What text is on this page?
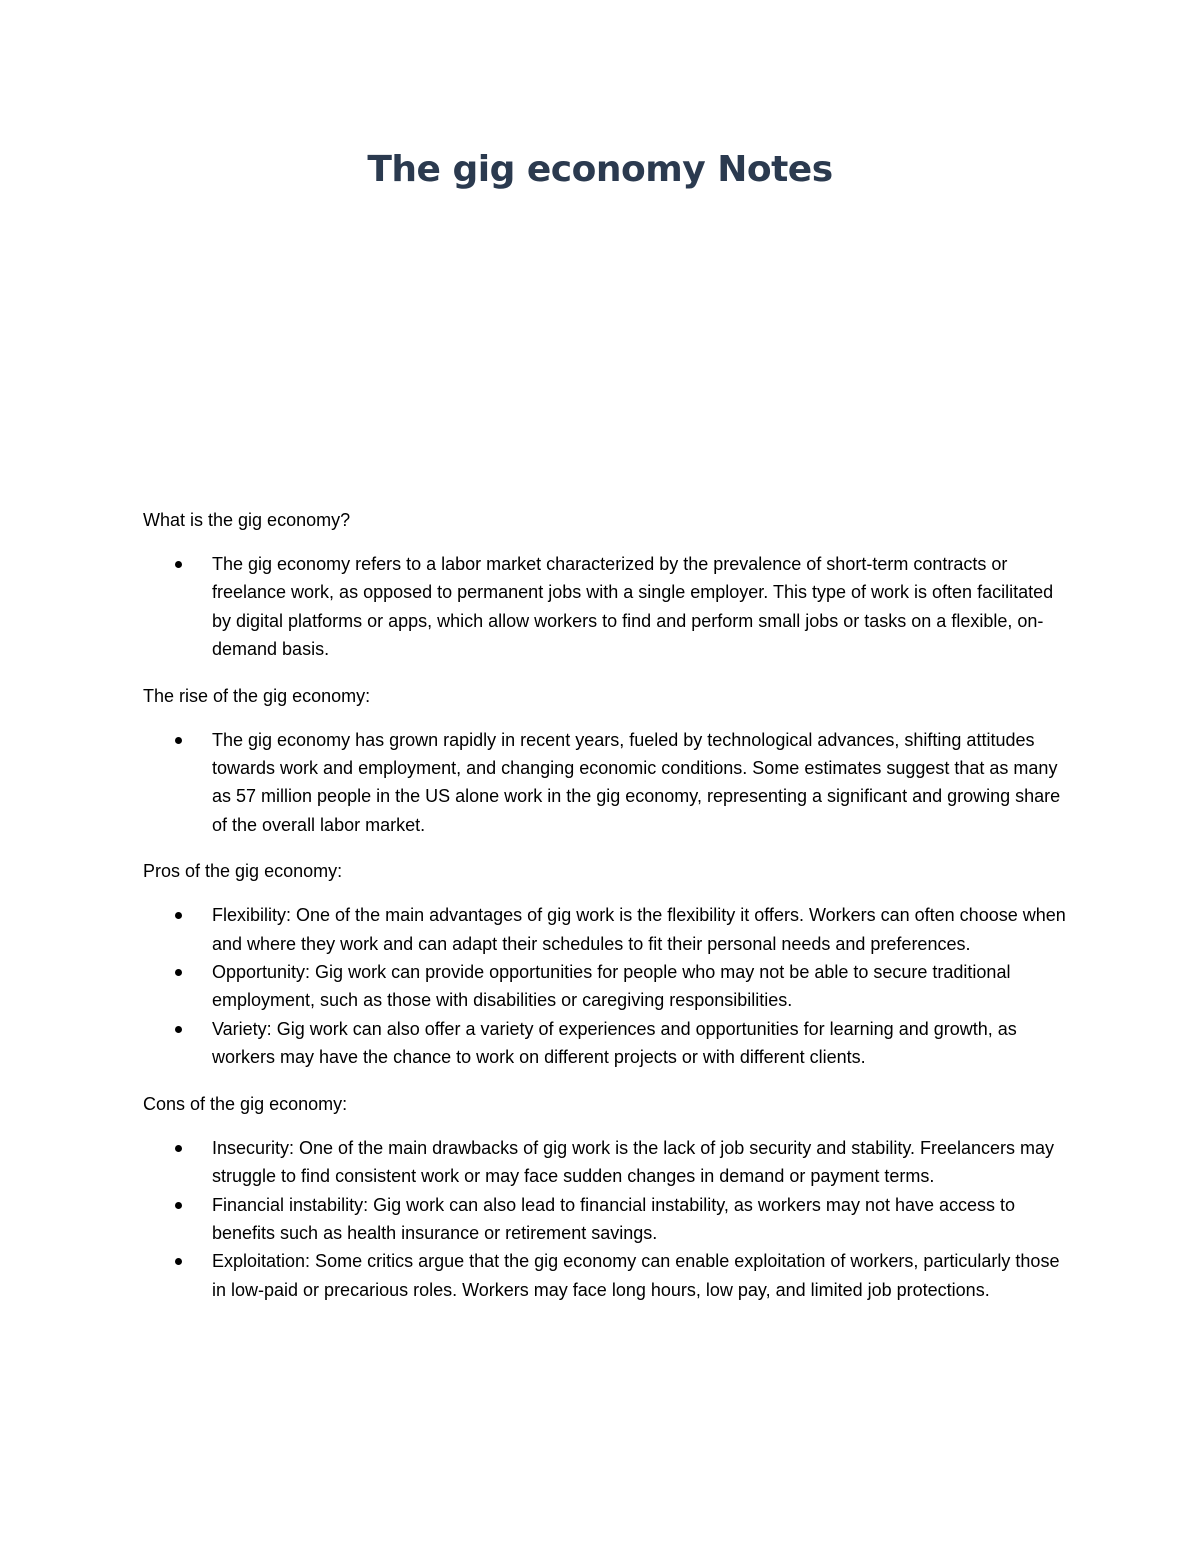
The gig economy Notes

What is the gig economy?

The gig economy refers to a labor market characterized by the prevalence of short-term contracts or freelance work, as opposed to permanent jobs with a single employer. This type of work is often facilitated by digital platforms or apps, which allow workers to find and perform small jobs or tasks on a flexible, on-demand basis.

The rise of the gig economy:

The gig economy has grown rapidly in recent years, fueled by technological advances, shifting attitudes towards work and employment, and changing economic conditions. Some estimates suggest that as many as 57 million people in the US alone work in the gig economy, representing a significant and growing share of the overall labor market.

Pros of the gig economy:

Flexibility: One of the main advantages of gig work is the flexibility it offers. Workers can often choose when and where they work and can adapt their schedules to fit their personal needs and preferences.
Opportunity: Gig work can provide opportunities for people who may not be able to secure traditional employment, such as those with disabilities or caregiving responsibilities.
Variety: Gig work can also offer a variety of experiences and opportunities for learning and growth, as workers may have the chance to work on different projects or with different clients.

Cons of the gig economy:

Insecurity: One of the main drawbacks of gig work is the lack of job security and stability. Freelancers may struggle to find consistent work or may face sudden changes in demand or payment terms.
Financial instability: Gig work can also lead to financial instability, as workers may not have access to benefits such as health insurance or retirement savings.
Exploitation: Some critics argue that the gig economy can enable exploitation of workers, particularly those in low-paid or precarious roles. Workers may face long hours, low pay, and limited job protections.
